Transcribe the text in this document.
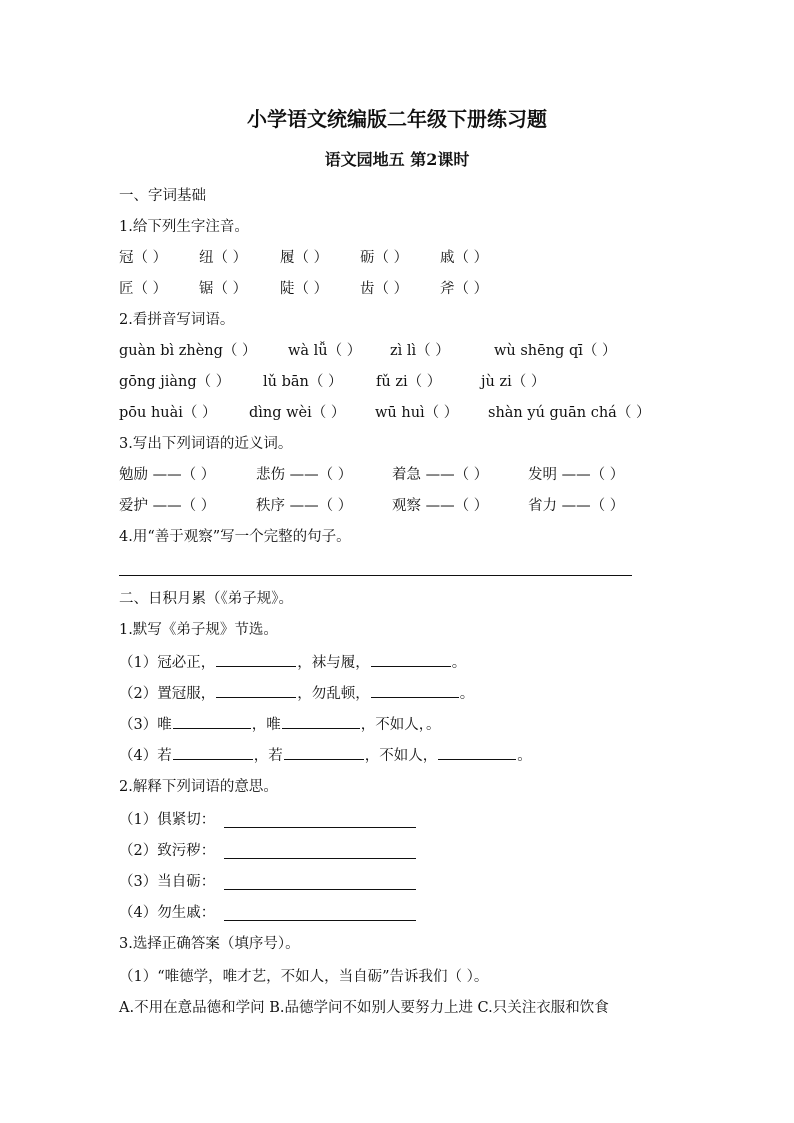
小学语文统编版二年级下册练习题
语文园地五 第2课时
一、字词基础
1.给下列生字注音。
冠（ ） 纽（ ） 履（ ） 砺（ ） 戚（ ）
匠（ ） 锯（ ） 陡（ ） 齿（ ） 斧（ ）
2.看拼音写词语。
guàn bì zhèng（ ） wà lǚ（ ） zì lì（ ）	wù shēng qī（ ）
gōng jiàng（ ） lǔ bān（ ） fǔ zi（ ）	jù zi（ ）
pōu huài（ ） dìng wèi（ ） wū huì（ ） shàn yú guān chá（ ）
3.写出下列词语的近义词。
勉励 ——（ ）	悲伤 ——（ ）	着急 ——（ ）	发明 ——（ ）
爱护 ——（ ）	秩序 ——（ ）	观察 ——（ ）	省力 ——（ ）
4.用“善于观察”写一个完整的句子。
二、日积月累（《弟子规》。
1.默写《弟子规》节选。
（1）冠必正，	，袜与履，	。
（2）置冠服，	，勿乱顿，	。
（3）唯	，唯	，不如人，。
（4）若	，若	，不如人，	。
2.解释下列词语的意思。
（1）俱紧切：
（2）致污秽：
（3）当自砺：
（4）勿生戚：
3.选择正确答案（填序号）。
（1）“唯德学，唯才艺，不如人，当自砺”告诉我们（ ）。
A.不用在意品德和学问 B.品德学问不如别人要努力上进 C.只关注衣服和饮食
